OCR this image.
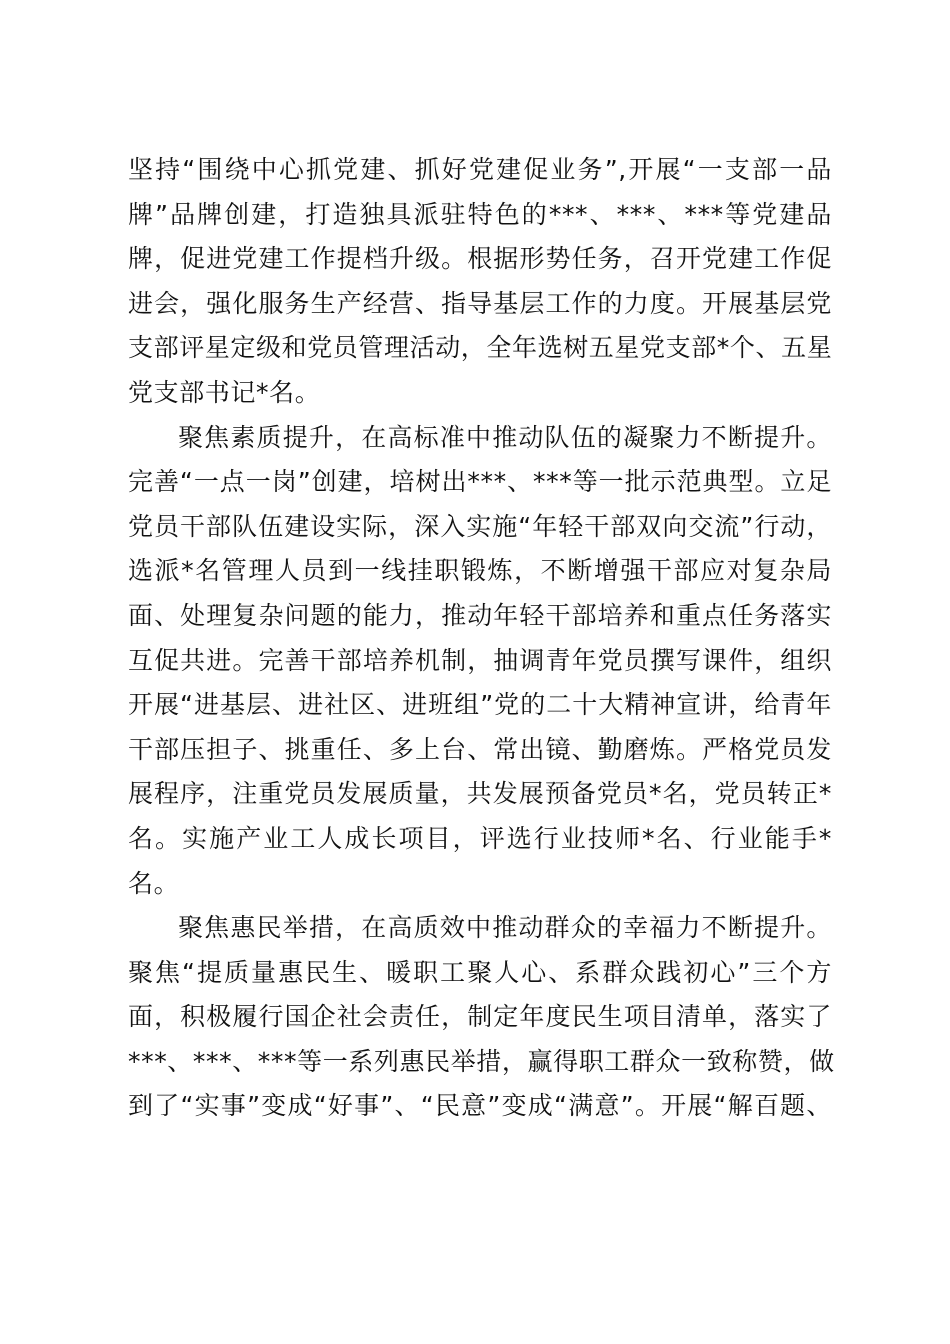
坚持“围绕中心抓党建、抓好党建促业务”,开展“一支部一品
牌”品牌创建，打造独具派驻特色的***、***、***等党建品
牌，促进党建工作提档升级。根据形势任务，召开党建工作促
进会，强化服务生产经营、指导基层工作的力度。开展基层党
支部评星定级和党员管理活动，全年选树五星党支部*个、五星
党支部书记*名。
聚焦素质提升，在高标准中推动队伍的凝聚力不断提升。
完善“一点一岗”创建，培树出***、***等一批示范典型。立足
党员干部队伍建设实际，深入实施“年轻干部双向交流”行动，
选派*名管理人员到一线挂职锻炼，不断增强干部应对复杂局
面、处理复杂问题的能力，推动年轻干部培养和重点任务落实
互促共进。完善干部培养机制，抽调青年党员撰写课件，组织
开展“进基层、进社区、进班组”党的二十大精神宣讲，给青年
干部压担子、挑重任、多上台、常出镜、勤磨炼。严格党员发
展程序，注重党员发展质量，共发展预备党员*名，党员转正*
名。实施产业工人成长项目，评选行业技师*名、行业能手*
名。
聚焦惠民举措，在高质效中推动群众的幸福力不断提升。
聚焦“提质量惠民生、暖职工聚人心、系群众践初心”三个方
面，积极履行国企社会责任，制定年度民生项目清单，落实了
***、***、***等一系列惠民举措，赢得职工群众一致称赞，做
到了“实事”变成“好事”、“民意”变成“满意”。开展“解百题、
